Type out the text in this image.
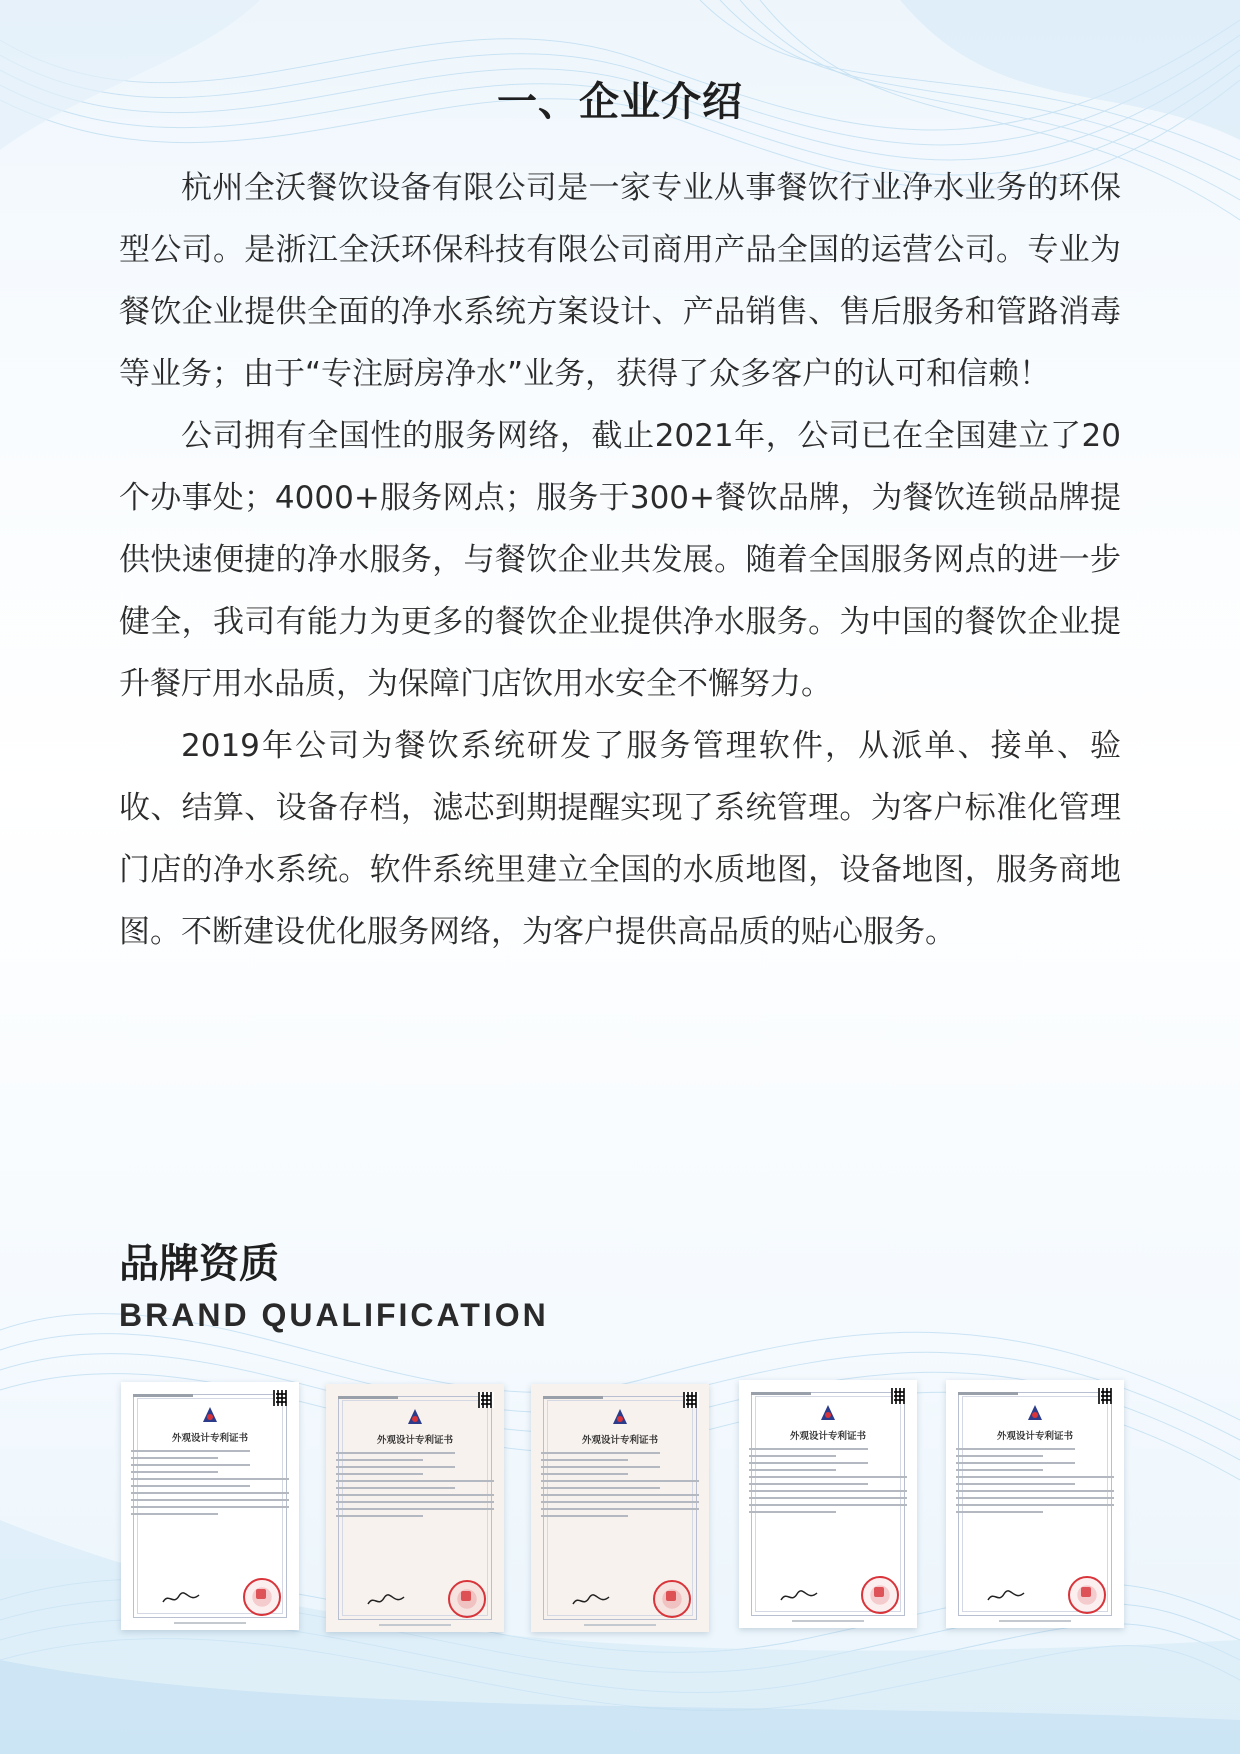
一、企业介绍

杭州全沃餐饮设备有限公司是一家专业从事餐饮行业净水业务的环保型公司。是浙江全沃环保科技有限公司商用产品全国的运营公司。专业为餐饮企业提供全面的净水系统方案设计、产品销售、售后服务和管路消毒等业务；由于“专注厨房净水”业务，获得了众多客户的认可和信赖！

公司拥有全国性的服务网络，截止2021年，公司已在全国建立了20个办事处；4000+服务网点；服务于300+餐饮品牌，为餐饮连锁品牌提供快速便捷的净水服务，与餐饮企业共发展。随着全国服务网点的进一步健全，我司有能力为更多的餐饮企业提供净水服务。为中国的餐饮企业提升餐厅用水品质，为保障门店饮用水安全不懈努力。

2019年公司为餐饮系统研发了服务管理软件，从派单、接单、验收、结算、设备存档，滤芯到期提醒实现了系统管理。为客户标准化管理门店的净水系统。软件系统里建立全国的水质地图，设备地图，服务商地图。不断建设优化服务网络，为客户提供高品质的贴心服务。

品牌资质
BRAND QUALIFICATION
外观设计专利证书	外观设计专利证书	外观设计专利证书	外观设计专利证书	外观设计专利证书
